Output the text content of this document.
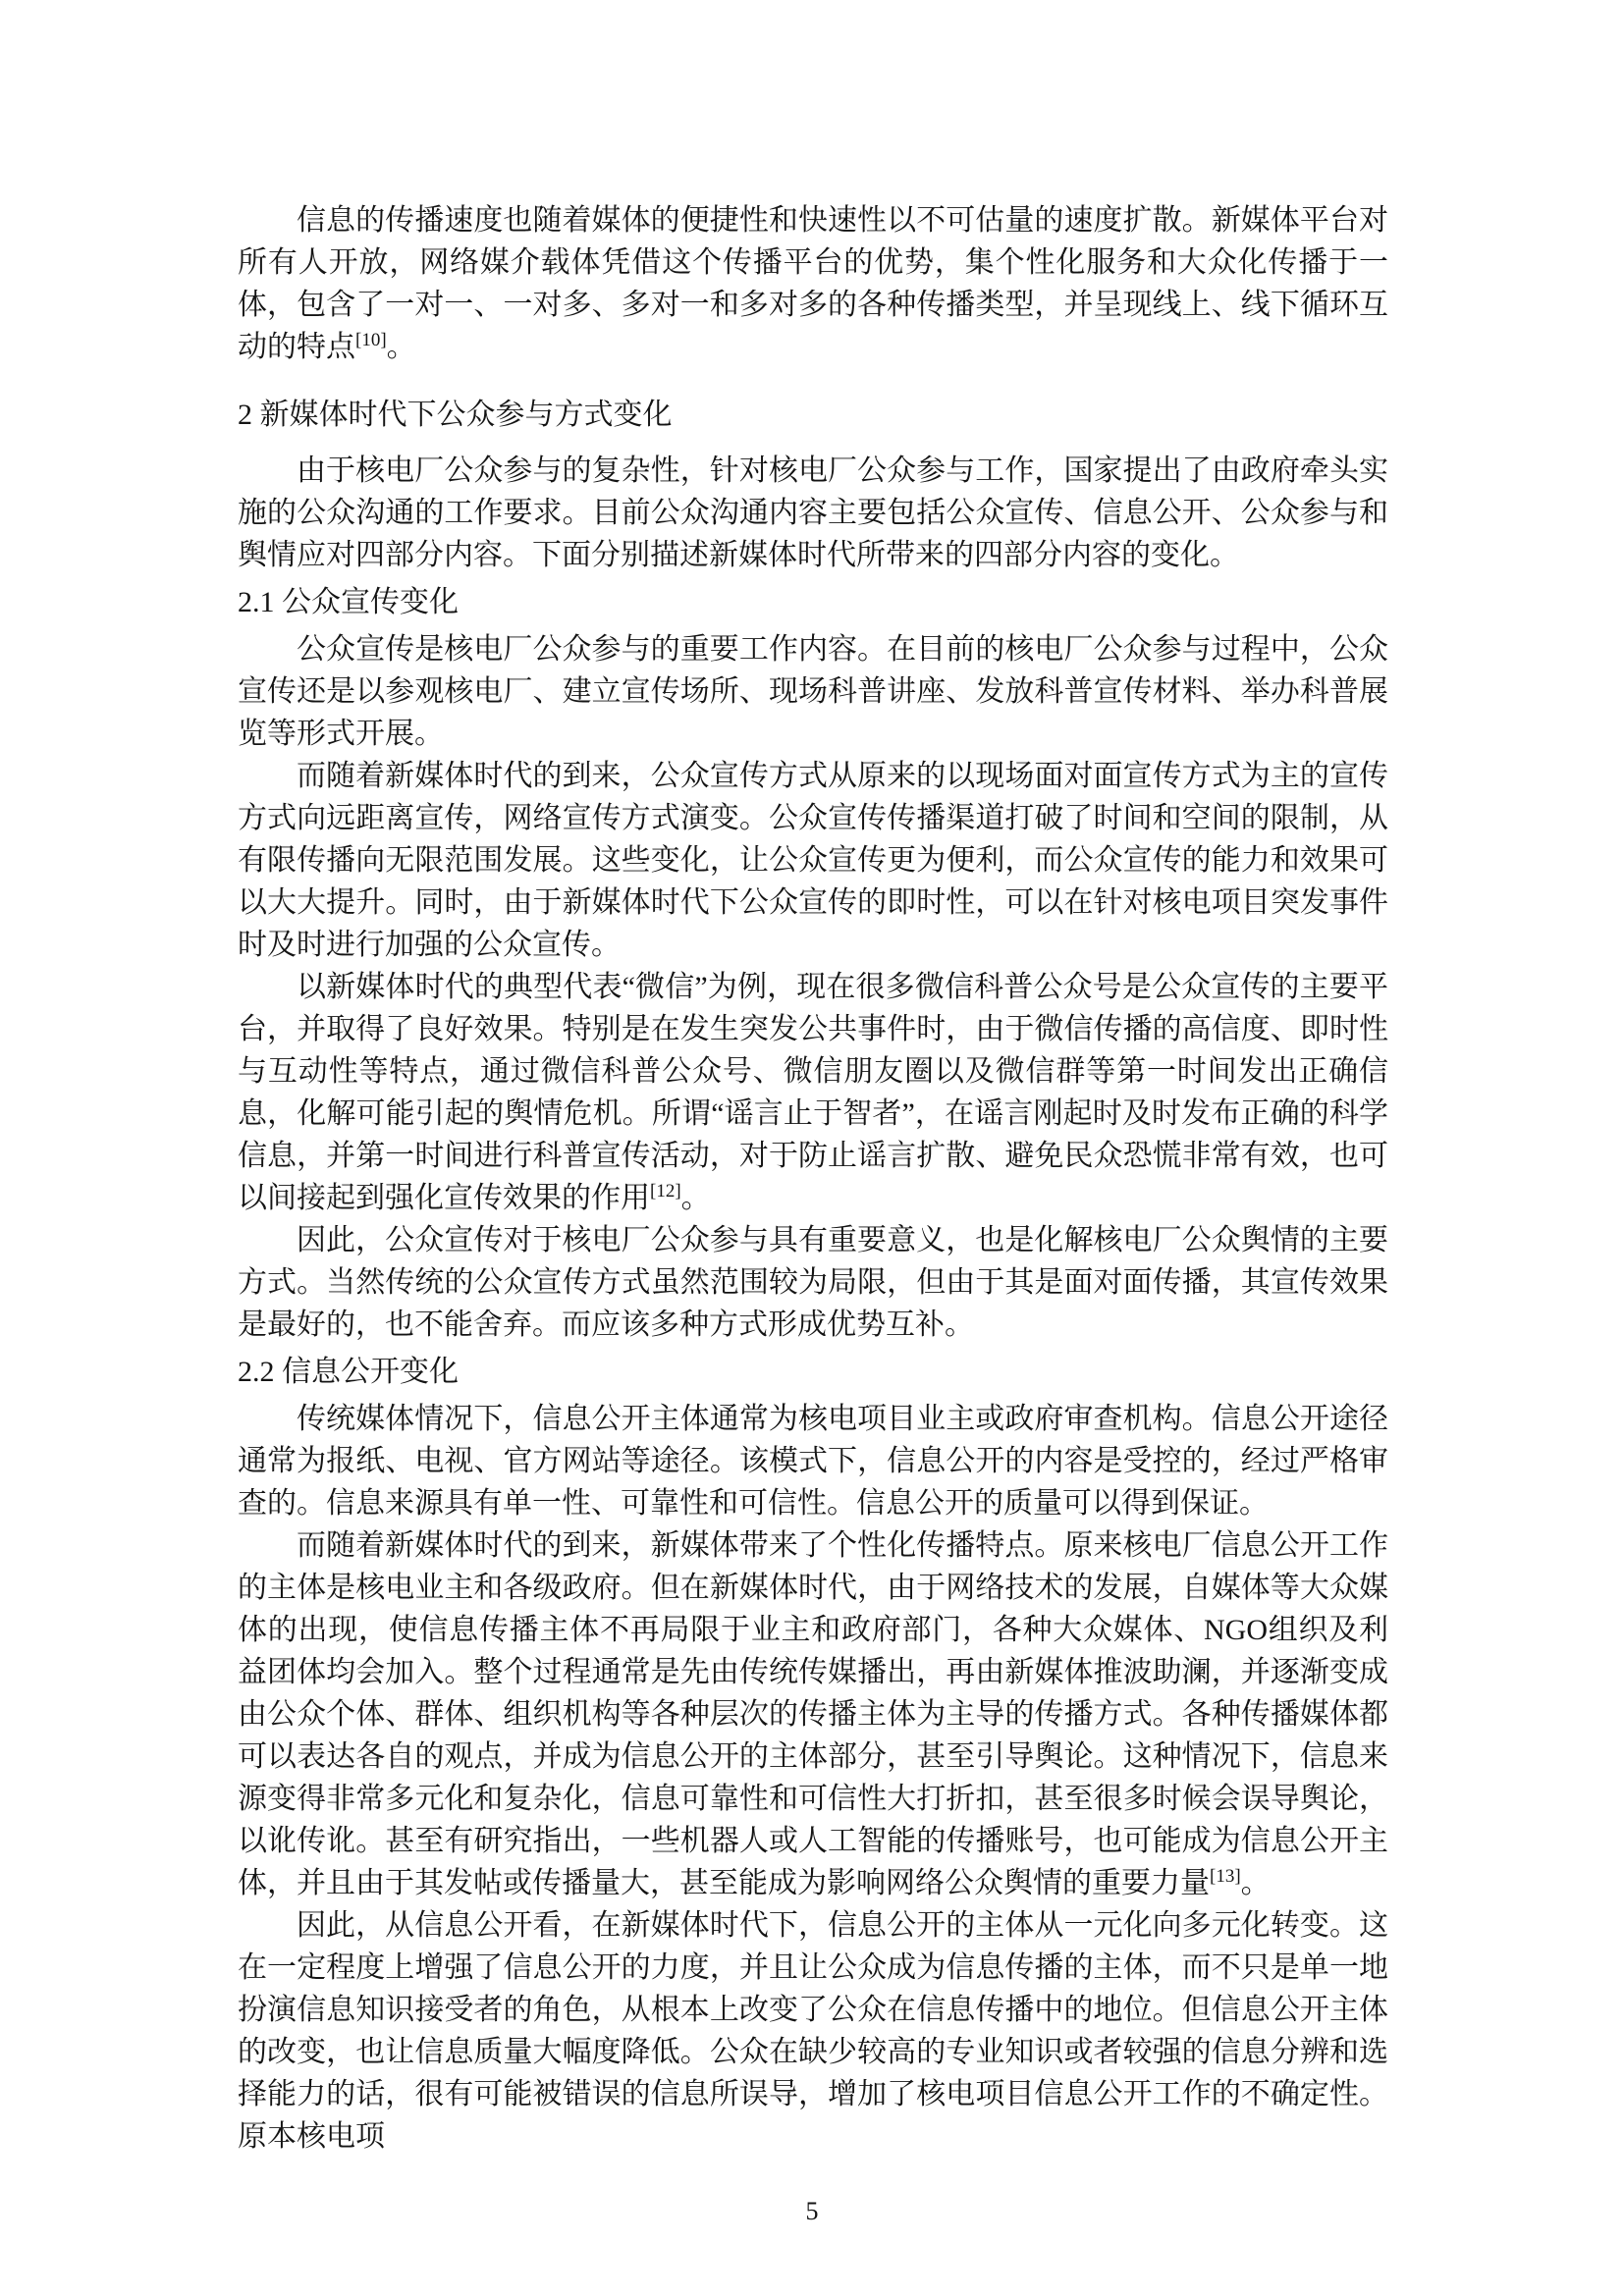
信息的传播速度也随着媒体的便捷性和快速性以不可估量的速度扩散。新媒体平台对所有人开放，网络媒介载体凭借这个传播平台的优势，集个性化服务和大众化传播于一体，包含了一对一、一对多、多对一和多对多的各种传播类型，并呈现线上、线下循环互动的特点[10]。

2 新媒体时代下公众参与方式变化

由于核电厂公众参与的复杂性，针对核电厂公众参与工作，国家提出了由政府牵头实施的公众沟通的工作要求。目前公众沟通内容主要包括公众宣传、信息公开、公众参与和舆情应对四部分内容。下面分别描述新媒体时代所带来的四部分内容的变化。

2.1 公众宣传变化

公众宣传是核电厂公众参与的重要工作内容。在目前的核电厂公众参与过程中，公众宣传还是以参观核电厂、建立宣传场所、现场科普讲座、发放科普宣传材料、举办科普展览等形式开展。

而随着新媒体时代的到来，公众宣传方式从原来的以现场面对面宣传方式为主的宣传方式向远距离宣传，网络宣传方式演变。公众宣传传播渠道打破了时间和空间的限制，从有限传播向无限范围发展。这些变化，让公众宣传更为便利，而公众宣传的能力和效果可以大大提升。同时，由于新媒体时代下公众宣传的即时性，可以在针对核电项目突发事件时及时进行加强的公众宣传。

以新媒体时代的典型代表“微信”为例，现在很多微信科普公众号是公众宣传的主要平台，并取得了良好效果。特别是在发生突发公共事件时，由于微信传播的高信度、即时性与互动性等特点，通过微信科普公众号、微信朋友圈以及微信群等第一时间发出正确信息，化解可能引起的舆情危机。所谓“谣言止于智者”，在谣言刚起时及时发布正确的科学信息，并第一时间进行科普宣传活动，对于防止谣言扩散、避免民众恐慌非常有效，也可以间接起到强化宣传效果的作用[12]。

因此，公众宣传对于核电厂公众参与具有重要意义，也是化解核电厂公众舆情的主要方式。当然传统的公众宣传方式虽然范围较为局限，但由于其是面对面传播，其宣传效果是最好的，也不能舍弃。而应该多种方式形成优势互补。

2.2 信息公开变化

传统媒体情况下，信息公开主体通常为核电项目业主或政府审查机构。信息公开途径通常为报纸、电视、官方网站等途径。该模式下，信息公开的内容是受控的，经过严格审查的。信息来源具有单一性、可靠性和可信性。信息公开的质量可以得到保证。

而随着新媒体时代的到来，新媒体带来了个性化传播特点。原来核电厂信息公开工作的主体是核电业主和各级政府。但在新媒体时代，由于网络技术的发展，自媒体等大众媒体的出现，使信息传播主体不再局限于业主和政府部门，各种大众媒体、NGO组织及利益团体均会加入。整个过程通常是先由传统传媒播出，再由新媒体推波助澜，并逐渐变成由公众个体、群体、组织机构等各种层次的传播主体为主导的传播方式。各种传播媒体都可以表达各自的观点，并成为信息公开的主体部分，甚至引导舆论。这种情况下，信息来源变得非常多元化和复杂化，信息可靠性和可信性大打折扣，甚至很多时候会误导舆论，以讹传讹。甚至有研究指出，一些机器人或人工智能的传播账号，也可能成为信息公开主体，并且由于其发帖或传播量大，甚至能成为影响网络公众舆情的重要力量[13]。

因此，从信息公开看，在新媒体时代下，信息公开的主体从一元化向多元化转变。这在一定程度上增强了信息公开的力度，并且让公众成为信息传播的主体，而不只是单一地扮演信息知识接受者的角色，从根本上改变了公众在信息传播中的地位。但信息公开主体的改变，也让信息质量大幅度降低。公众在缺少较高的专业知识或者较强的信息分辨和选择能力的话，很有可能被错误的信息所误导，增加了核电项目信息公开工作的不确定性。原本核电项

5
